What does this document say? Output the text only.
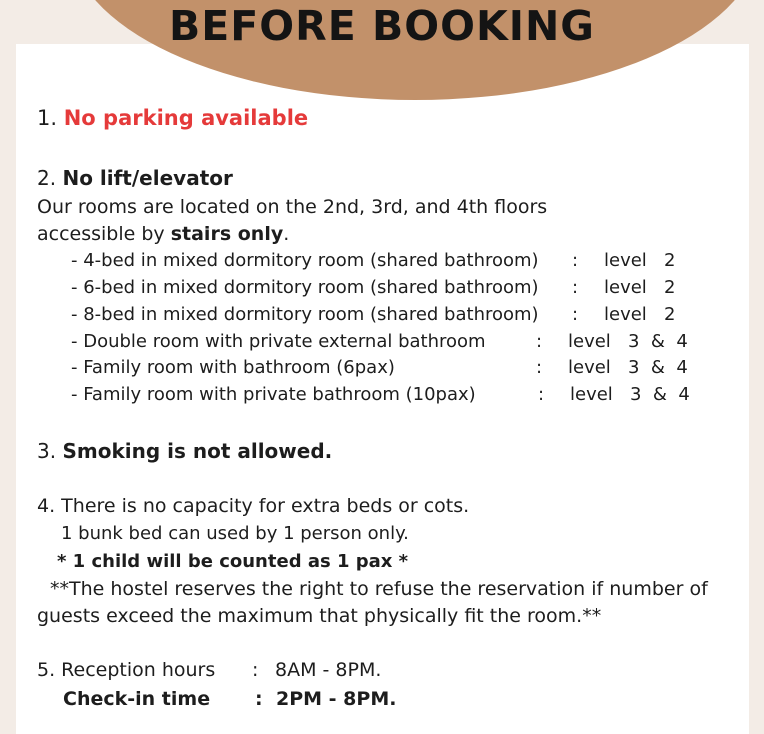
BEFORE BOOKING
1. No parking available
2. No lift/elevator
Our rooms are located on the 2nd, 3rd, and 4th floors
accessible by stairs only.
- 4-bed in mixed dormitory room (shared bathroom) : level 2
- 6-bed in mixed dormitory room (shared bathroom) : level 2
- 8-bed in mixed dormitory room (shared bathroom) : level 2
- Double room with private external bathroom	: level 3  &  4
- Family room with bathroom (6pax)	: level 3  &  4
- Family room with private bathroom (10pax)	: level 3  &  4
3. Smoking is not allowed.
4. There is no capacity for extra beds or cots.
1 bunk bed can used by 1 person only.
* 1 child will be counted as 1 pax *
**The hostel reserves the right to refuse the reservation if number of
guests exceed the maximum that physically fit the room.**
5. Reception hours : 8AM - 8PM.
Check-in time : 2PM - 8PM.
